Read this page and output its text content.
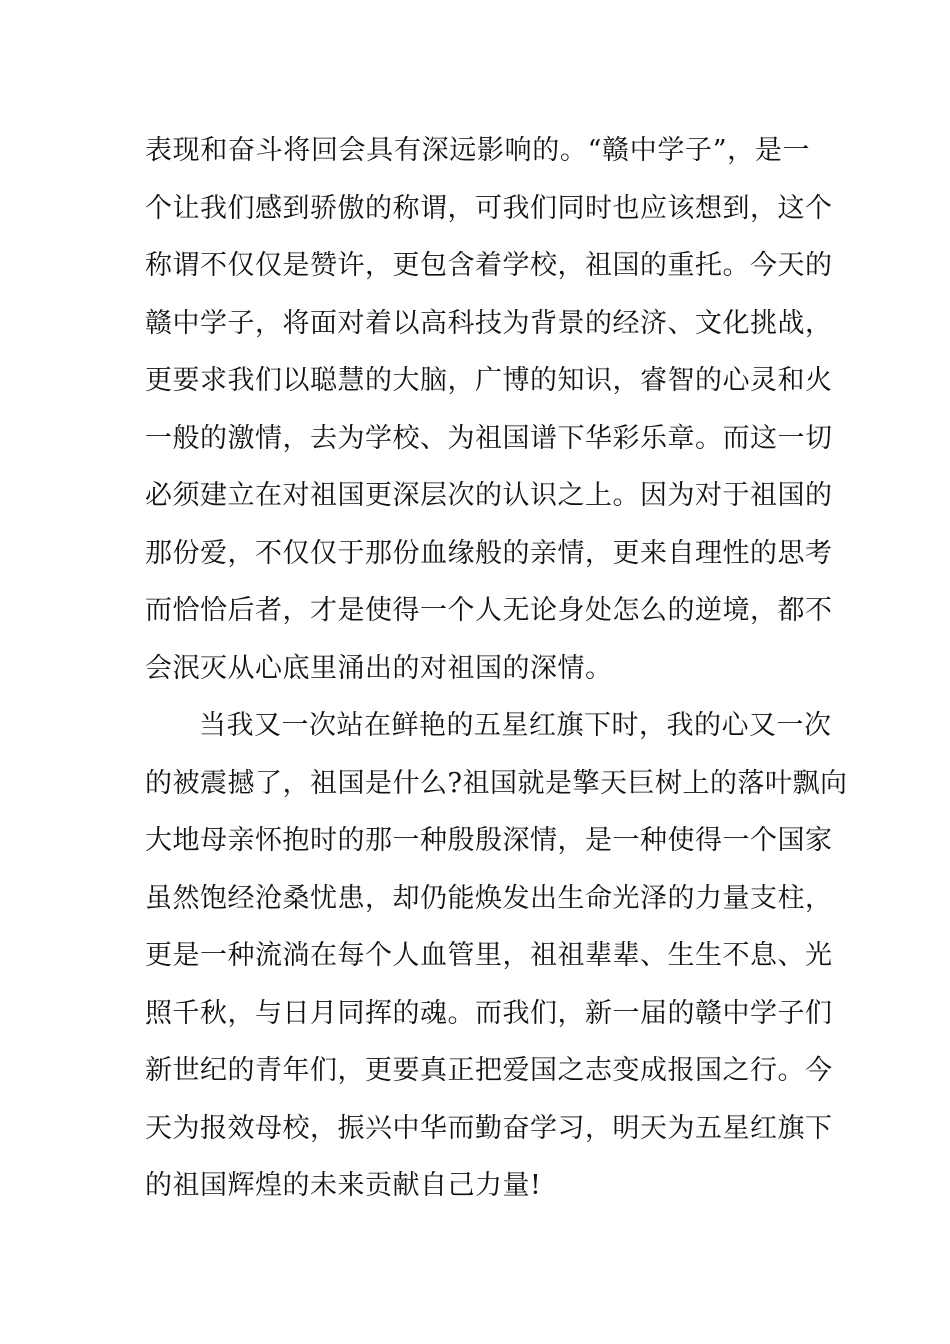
表现和奋斗将回会具有深远影响的。“赣中学子”，是一
个让我们感到骄傲的称谓，可我们同时也应该想到，这个
称谓不仅仅是赞许，更包含着学校，祖国的重托。今天的
赣中学子，将面对着以高科技为背景的经济、文化挑战，
更要求我们以聪慧的大脑，广博的知识，睿智的心灵和火
一般的激情，去为学校、为祖国谱下华彩乐章。而这一切
必须建立在对祖国更深层次的认识之上。因为对于祖国的
那份爱，不仅仅于那份血缘般的亲情，更来自理性的思考
而恰恰后者，才是使得一个人无论身处怎么的逆境，都不
会泯灭从心底里涌出的对祖国的深情。
当我又一次站在鲜艳的五星红旗下时，我的心又一次
的被震撼了，祖国是什么?祖国就是擎天巨树上的落叶飘向
大地母亲怀抱时的那一种殷殷深情，是一种使得一个国家
虽然饱经沧桑忧患，却仍能焕发出生命光泽的力量支柱，
更是一种流淌在每个人血管里，祖祖辈辈、生生不息、光
照千秋，与日月同挥的魂。而我们，新一届的赣中学子们
新世纪的青年们，更要真正把爱国之志变成报国之行。今
天为报效母校，振兴中华而勤奋学习，明天为五星红旗下
的祖国辉煌的未来贡献自己力量!
